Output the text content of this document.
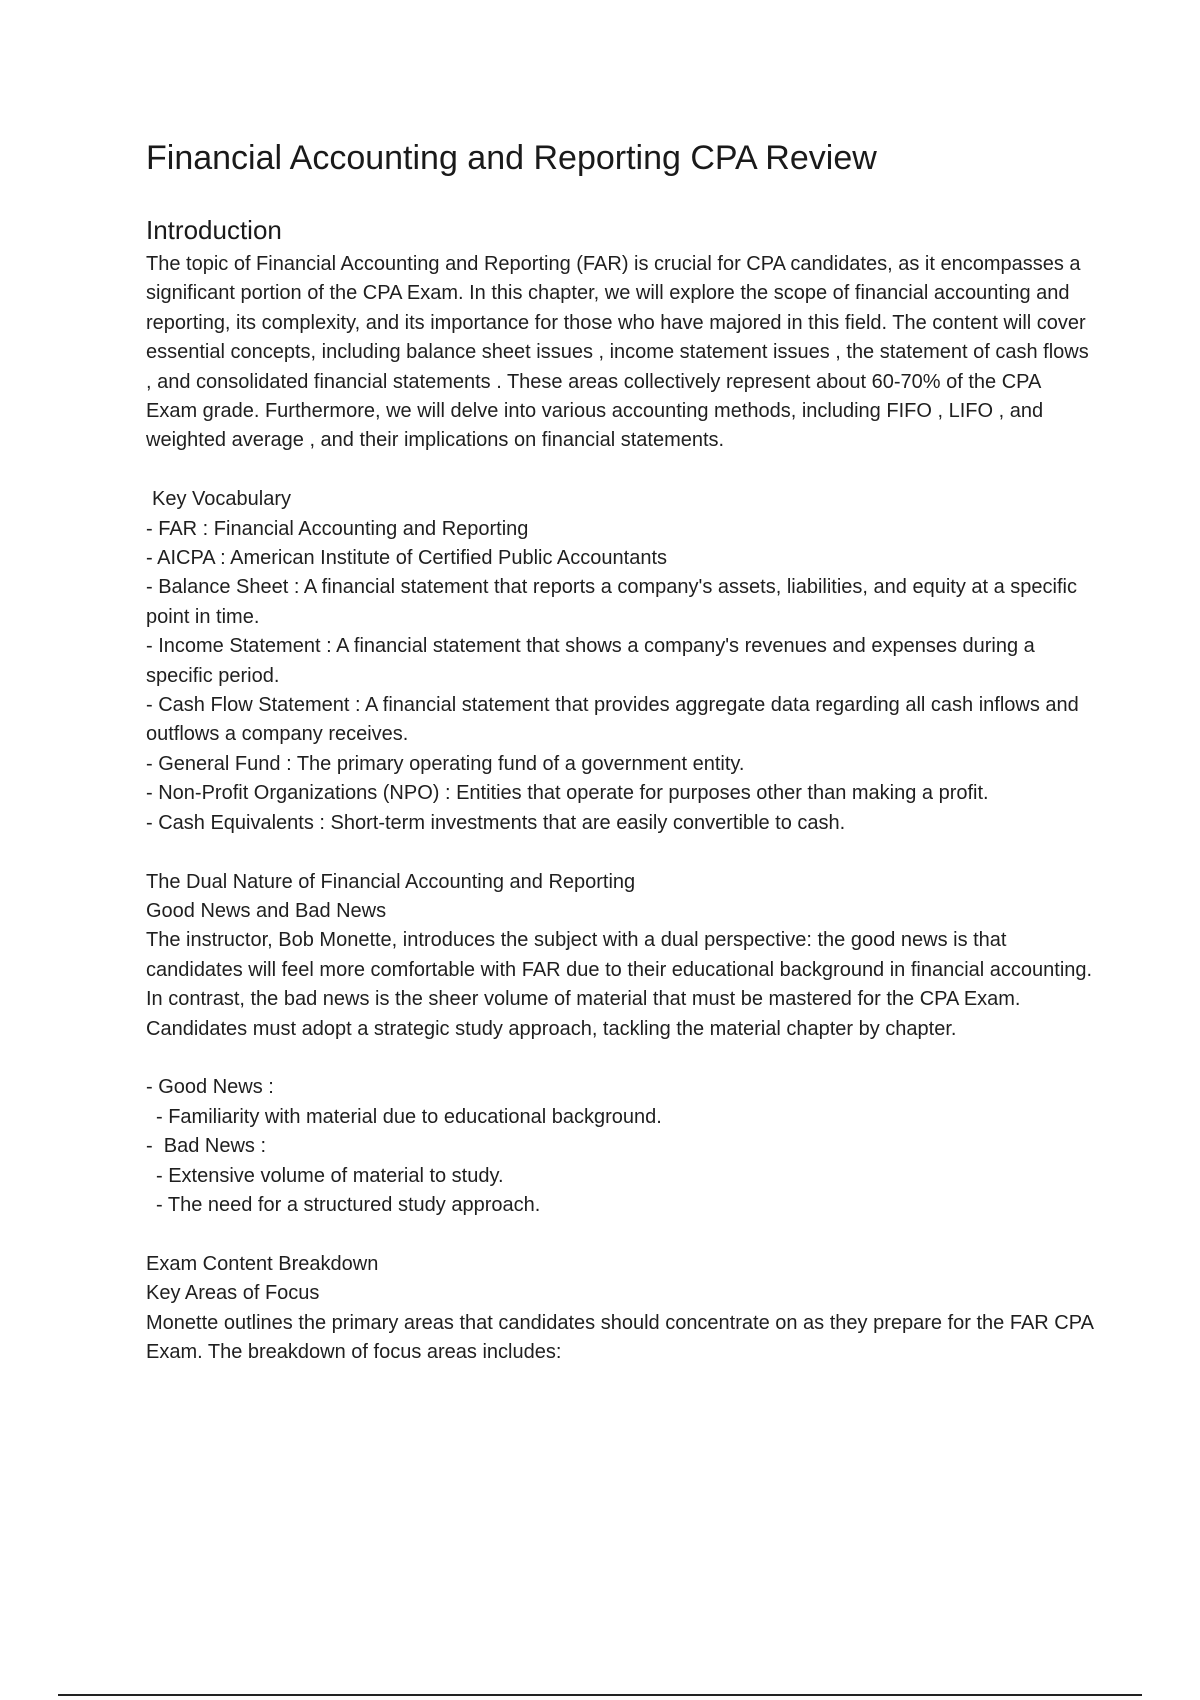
Financial Accounting and Reporting CPA Review
Introduction

The topic of Financial Accounting and Reporting (FAR) is crucial for CPA candidates, as it encompasses a significant portion of the CPA Exam. In this chapter, we will explore the scope of financial accounting and reporting, its complexity, and its importance for those who have majored in this field. The content will cover essential concepts, including balance sheet issues , income statement issues , the statement of cash flows , and consolidated financial statements . These areas collectively represent about 60-70% of the CPA Exam grade. Furthermore, we will delve into various accounting methods, including FIFO , LIFO , and weighted average , and their implications on financial statements.

Key Vocabulary

- FAR : Financial Accounting and Reporting

- AICPA : American Institute of Certified Public Accountants

- Balance Sheet : A financial statement that reports a company's assets, liabilities, and equity at a specific point in time.

- Income Statement : A financial statement that shows a company's revenues and expenses during a specific period.

- Cash Flow Statement : A financial statement that provides aggregate data regarding all cash inflows and outflows a company receives.

- General Fund : The primary operating fund of a government entity.

- Non-Profit Organizations (NPO) : Entities that operate for purposes other than making a profit.

- Cash Equivalents : Short-term investments that are easily convertible to cash.

The Dual Nature of Financial Accounting and Reporting

Good News and Bad News

The instructor, Bob Monette, introduces the subject with a dual perspective: the good news is that candidates will feel more comfortable with FAR due to their educational background in financial accounting. In contrast, the bad news is the sheer volume of material that must be mastered for the CPA Exam. Candidates must adopt a strategic study approach, tackling the material chapter by chapter.

- Good News :

- Familiarity with material due to educational background.

-  Bad News :

- Extensive volume of material to study.

- The need for a structured study approach.

Exam Content Breakdown

Key Areas of Focus

Monette outlines the primary areas that candidates should concentrate on as they prepare for the FAR CPA Exam. The breakdown of focus areas includes:
